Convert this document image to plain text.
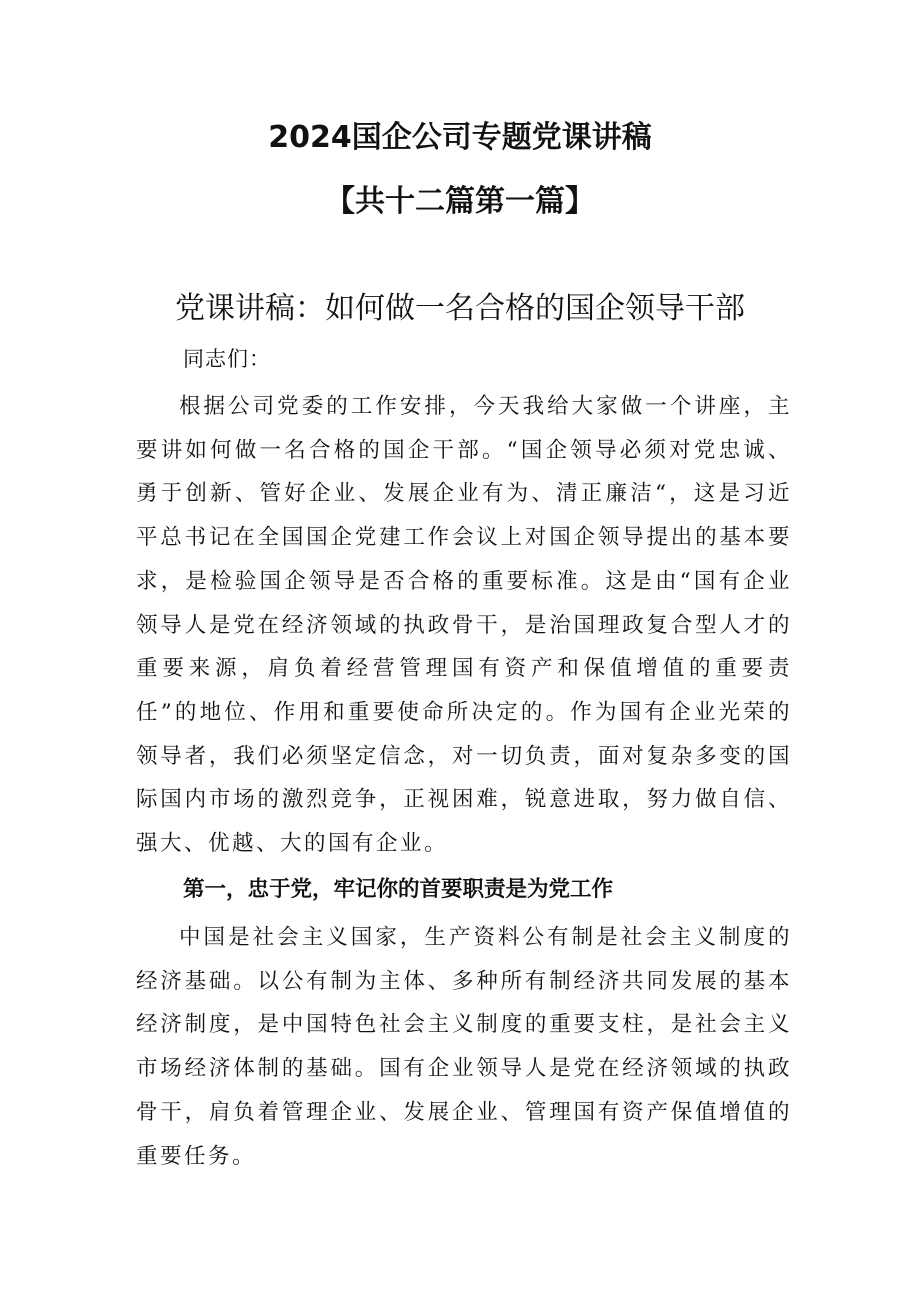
2024国企公司专题党课讲稿
【共十二篇第一篇】
党课讲稿：如何做一名合格的国企领导干部

同志们：

根据公司党委的工作安排，今天我给大家做一个讲座，主要讲如何做一名合格的国企干部。“国企领导必须对党忠诚、勇于创新、管好企业、发展企业有为、清正廉洁“，这是习近平总书记在全国国企党建工作会议上对国企领导提出的基本要求，是检验国企领导是否合格的重要标准。这是由“国有企业领导人是党在经济领域的执政骨干，是治国理政复合型人才的重要来源，肩负着经营管理国有资产和保值增值的重要责任”的地位、作用和重要使命所决定的。作为国有企业光荣的领导者，我们必须坚定信念，对一切负责，面对复杂多变的国际国内市场的激烈竞争，正视困难，锐意进取，努力做自信、强大、优越、大的国有企业。

第一，忠于党，牢记你的首要职责是为党工作

中国是社会主义国家，生产资料公有制是社会主义制度的经济基础。以公有制为主体、多种所有制经济共同发展的基本经济制度，是中国特色社会主义制度的重要支柱，是社会主义市场经济体制的基础。国有企业领导人是党在经济领域的执政骨干，肩负着管理企业、发展企业、管理国有资产保值增值的重要任务。
